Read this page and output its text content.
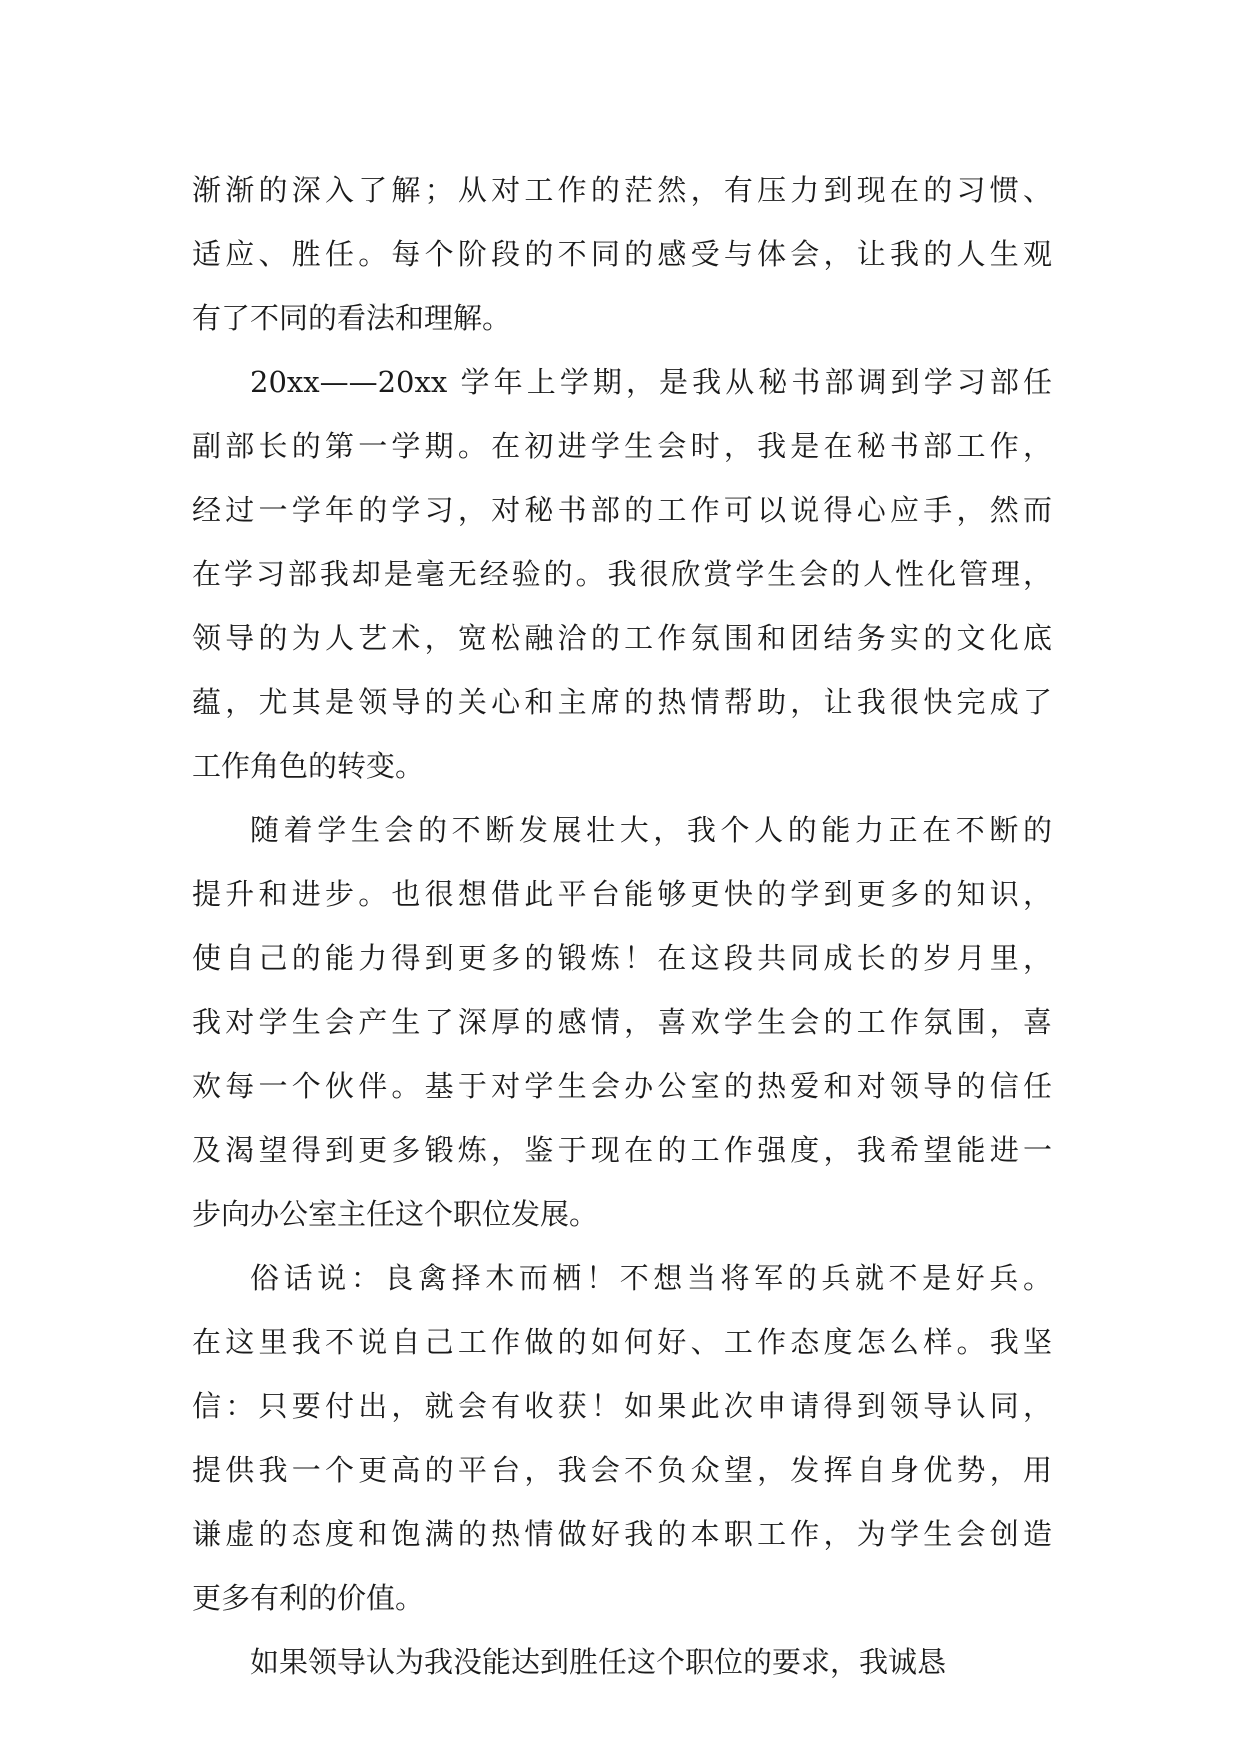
渐渐的深入了解；从对工作的茫然，有压力到现在的习惯、
适应、胜任。每个阶段的不同的感受与体会，让我的人生观
有了不同的看法和理解。
20xx——20xx 学年上学期，是我从秘书部调到学习部任
副部长的第一学期。在初进学生会时，我是在秘书部工作，
经过一学年的学习，对秘书部的工作可以说得心应手，然而
在学习部我却是毫无经验的。我很欣赏学生会的人性化管理，
领导的为人艺术，宽松融洽的工作氛围和团结务实的文化底
蕴，尤其是领导的关心和主席的热情帮助，让我很快完成了
工作角色的转变。
随着学生会的不断发展壮大，我个人的能力正在不断的
提升和进步。也很想借此平台能够更快的学到更多的知识，
使自己的能力得到更多的锻炼！在这段共同成长的岁月里，
我对学生会产生了深厚的感情，喜欢学生会的工作氛围，喜
欢每一个伙伴。基于对学生会办公室的热爱和对领导的信任
及渴望得到更多锻炼，鉴于现在的工作强度，我希望能进一
步向办公室主任这个职位发展。
俗话说：良禽择木而栖！不想当将军的兵就不是好兵。
在这里我不说自己工作做的如何好、工作态度怎么样。我坚
信：只要付出，就会有收获！如果此次申请得到领导认同，
提供我一个更高的平台，我会不负众望，发挥自身优势，用
谦虚的态度和饱满的热情做好我的本职工作，为学生会创造
更多有利的价值。
如果领导认为我没能达到胜任这个职位的要求，我诚恳
